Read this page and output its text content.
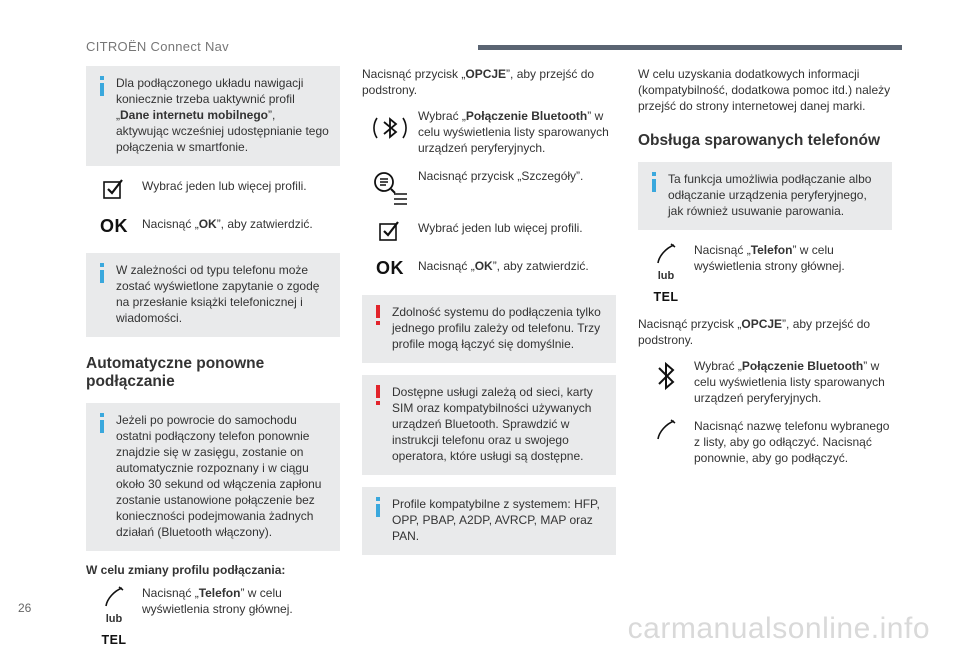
CITROËN Connect Nav
Dla podłączonego układu nawigacji koniecznie trzeba uaktywnić profil „Dane internetu mobilnego”, aktywując wcześniej udostępnianie tego połączenia w smartfonie.
Wybrać jeden lub więcej profili.
OK	Nacisnąć „OK”, aby zatwierdzić.
W zależności od typu telefonu może zostać wyświetlone zapytanie o zgodę na przesłanie książki telefonicznej i wiadomości.
Automatyczne ponowne podłączanie
Jeżeli po powrocie do samochodu ostatni podłączony telefon ponownie znajdzie się w zasięgu, zostanie on automatycznie rozpoznany i w ciągu około 30 sekund od włączenia zapłonu zostanie ustanowione połączenie bez konieczności podejmowania żadnych działań (Bluetooth włączony).
W celu zmiany profilu podłączania:
lub
TEL
Nacisnąć „Telefon” w celu wyświetlenia strony głównej.
Nacisnąć przycisk „OPCJE”, aby przejść do podstrony.
Wybrać „Połączenie Bluetooth” w celu wyświetlenia listy sparowanych urządzeń peryferyjnych.
Nacisnąć przycisk „Szczegóły”.
Wybrać jeden lub więcej profili.
OK	Nacisnąć „OK”, aby zatwierdzić.
Zdolność systemu do podłączenia tylko jednego profilu zależy od telefonu. Trzy profile mogą łączyć się domyślnie.
Dostępne usługi zależą od sieci, karty SIM oraz kompatybilności używanych urządzeń Bluetooth. Sprawdzić w instrukcji telefonu oraz u swojego operatora, które usługi są dostępne.
Profile kompatybilne z systemem: HFP, OPP, PBAP, A2DP, AVRCP, MAP oraz PAN.
W celu uzyskania dodatkowych informacji (kompatybilność, dodatkowa pomoc itd.) należy przejść do strony internetowej danej marki.
Obsługa sparowanych telefonów
Ta funkcja umożliwia podłączanie albo odłączanie urządzenia peryferyjnego, jak również usuwanie parowania.
lub
TEL
Nacisnąć „Telefon” w celu wyświetlenia strony głównej.
Nacisnąć przycisk „OPCJE”, aby przejść do podstrony.
Wybrać „Połączenie Bluetooth” w celu wyświetlenia listy sparowanych urządzeń peryferyjnych.
Nacisnąć nazwę telefonu wybranego z listy, aby go odłączyć. Nacisnąć ponownie, aby go podłączyć.
26
carmanualsonline.info
